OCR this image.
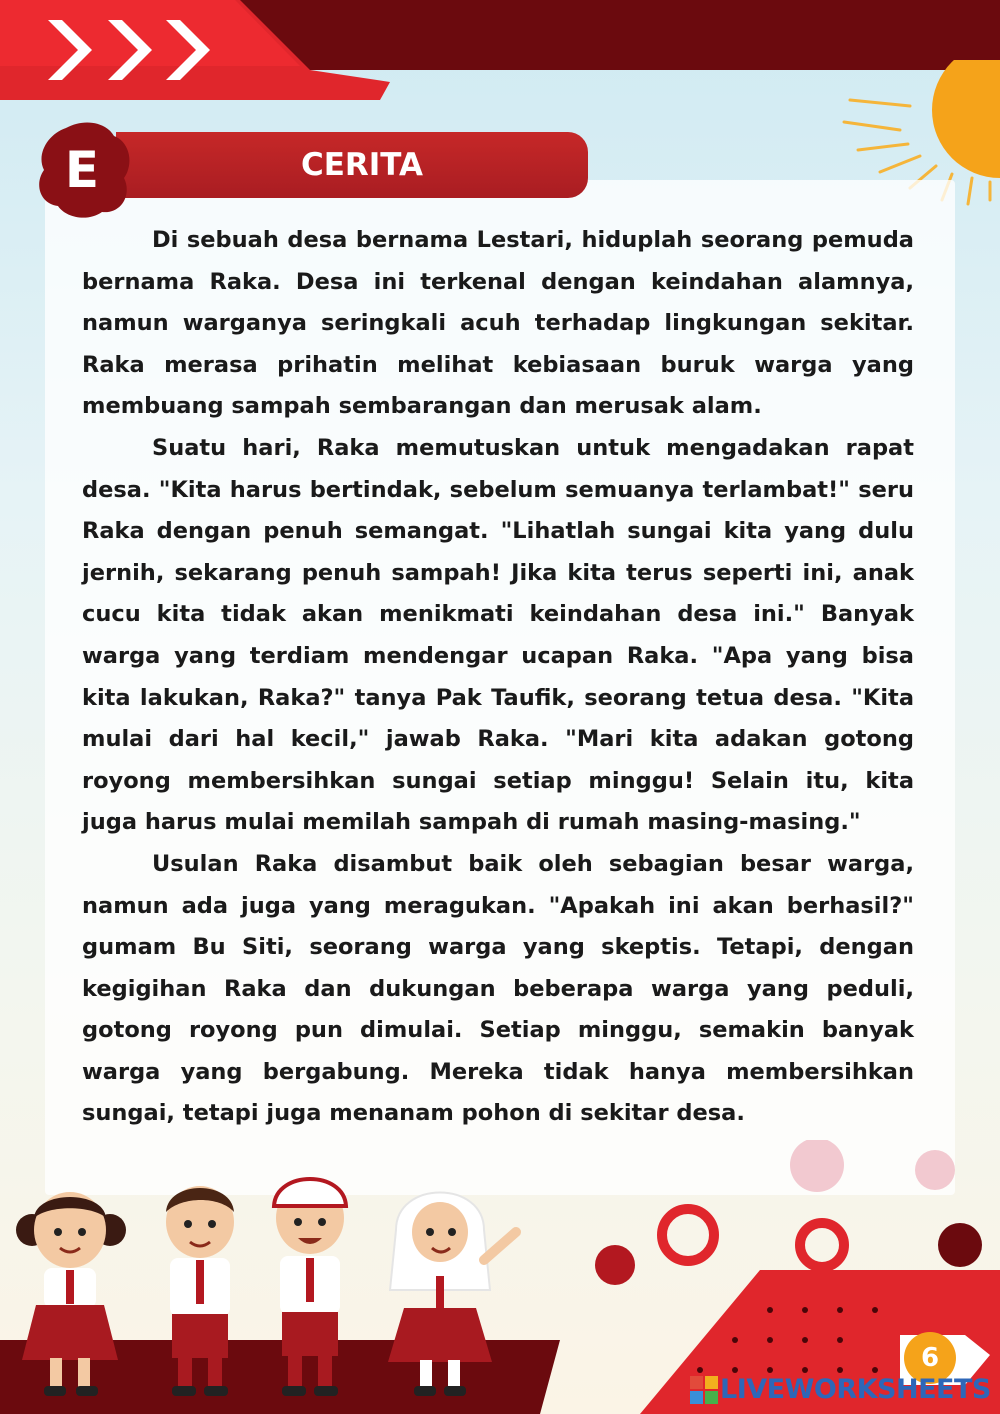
CERITA
E

Di sebuah desa bernama Lestari, hiduplah seorang pemuda bernama Raka. Desa ini terkenal dengan keindahan alamnya, namun warganya seringkali acuh terhadap lingkungan sekitar. Raka merasa prihatin melihat kebiasaan buruk warga yang membuang sampah sembarangan dan merusak alam.

Suatu hari, Raka memutuskan untuk mengadakan rapat desa. "Kita harus bertindak, sebelum semuanya terlambat!" seru Raka dengan penuh semangat. "Lihatlah sungai kita yang dulu jernih, sekarang penuh sampah! Jika kita terus seperti ini, anak cucu kita tidak akan menikmati keindahan desa ini." Banyak warga yang terdiam mendengar ucapan Raka. "Apa yang bisa kita lakukan, Raka?" tanya Pak Taufik, seorang tetua desa. "Kita mulai dari hal kecil," jawab Raka. "Mari kita adakan gotong royong membersihkan sungai setiap minggu! Selain itu, kita juga harus mulai memilah sampah di rumah masing-masing."

Usulan Raka disambut baik oleh sebagian besar warga, namun ada juga yang meragukan. "Apakah ini akan berhasil?" gumam Bu Siti, seorang warga yang skeptis. Tetapi, dengan kegigihan Raka dan dukungan beberapa warga yang peduli, gotong royong pun dimulai. Setiap minggu, semakin banyak warga yang bergabung. Mereka tidak hanya membersihkan sungai, tetapi juga menanam pohon di sekitar desa.

6
LIVEWORKSHEETS
